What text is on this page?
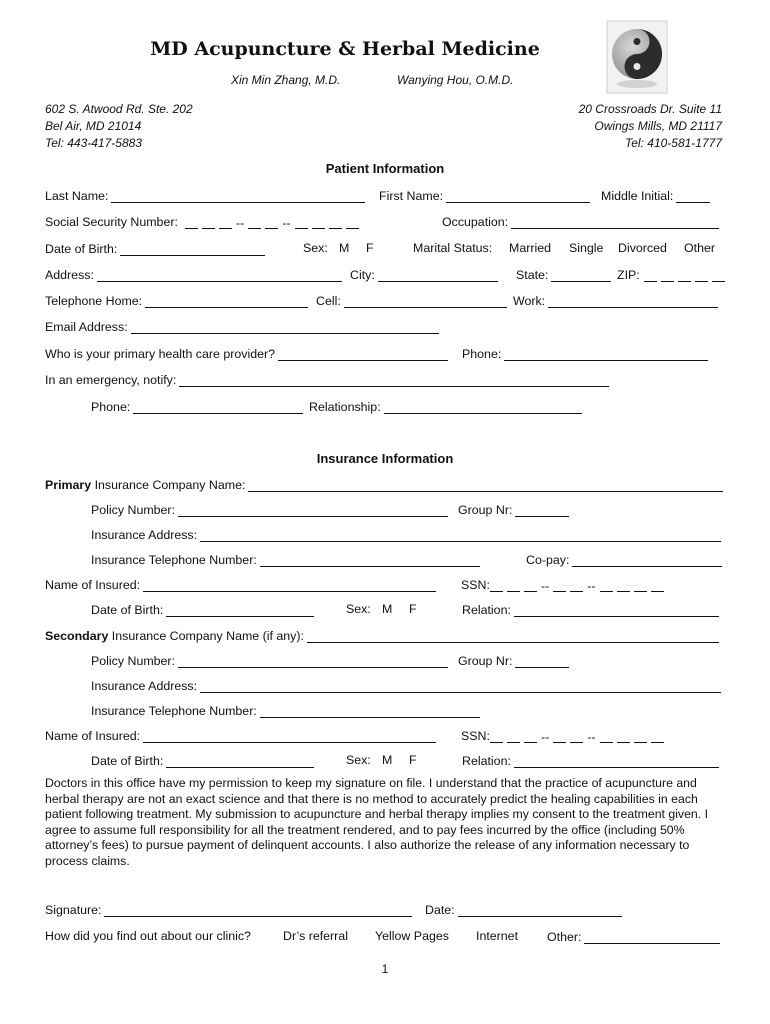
MD Acupuncture & Herbal Medicine
Xin Min Zhang, M.D.	Wanying Hou, O.M.D.
602 S. Atwood Rd. Ste. 202
Bel Air, MD 21014
Tel: 443-417-5883
20 Crossroads Dr. Suite 11
Owings Mills, MD 21117
Tel: 410-581-1777
Patient Information
Last Name:	First Name:	Middle Initial:
Social Security Number:	--	--	Occupation:
Date of Birth:	Sex: M F	Marital Status: Married Single Divorced Other
Address:	City:	State:	ZIP:
Telephone Home:	Cell:	Work:
Email Address:
Who is your primary health care provider?	Phone:
In an emergency, notify:
Phone:	Relationship:
Insurance Information
Primary Insurance Company Name:
Policy Number:	Group Nr:
Insurance Address:
Insurance Telephone Number:	Co-pay:
Name of Insured:	SSN:	--	--
Date of Birth:	Sex: M F	Relation:
Secondary Insurance Company Name (if any):
Policy Number:	Group Nr:
Insurance Address:
Insurance Telephone Number:
Name of Insured:	SSN:	--	--
Date of Birth:	Sex: M F	Relation:
Doctors in this office have my permission to keep my signature on file. I understand that the practice of acupuncture and herbal therapy are not an exact science and that there is no method to accurately predict the healing capabilities in each patient following treatment. My submission to acupuncture and herbal therapy implies my consent to the treatment given. I agree to assume full responsibility for all the treatment rendered, and to pay fees incurred by the office (including 50% attorney’s fees) to pursue payment of delinquent accounts. I also authorize the release of any information necessary to process claims.
Signature:	Date:
How did you find out about our clinic?	Dr’s referral Yellow Pages Internet Other:
1
